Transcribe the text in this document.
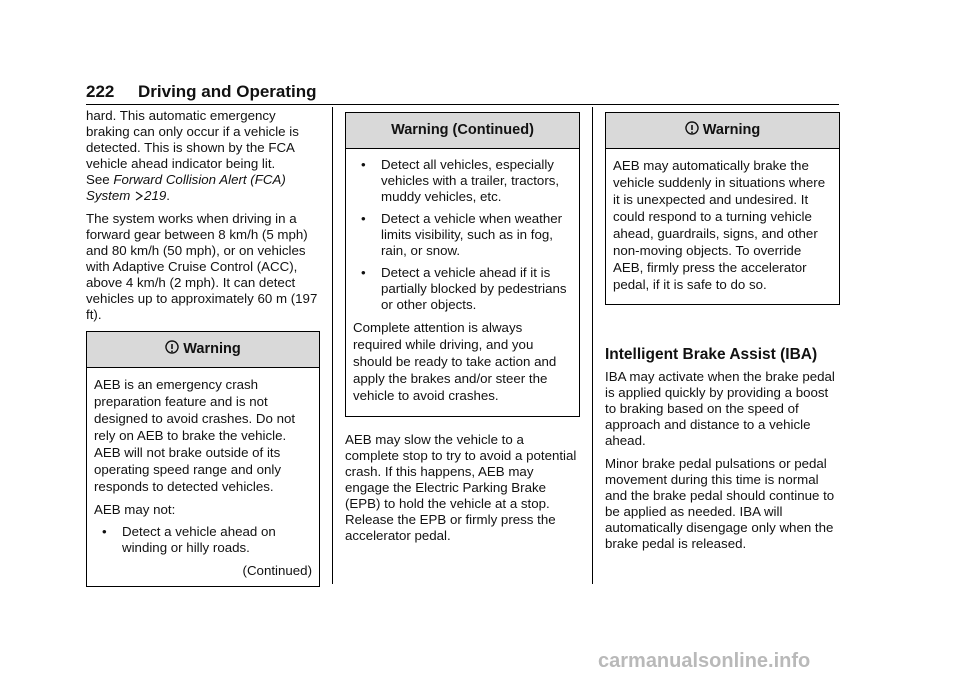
222 Driving and Operating

hard. This automatic emergency braking can only occur if a vehicle is detected. This is shown by the FCA vehicle ahead indicator being lit.
See Forward Collision Alert (FCA) System 219.

The system works when driving in a forward gear between 8 km/h (5 mph) and 80 km/h (50 mph), or on vehicles with Adaptive Cruise Control (ACC), above 4 km/h (2 mph). It can detect vehicles up to approximately 60 m (197 ft).

Warning

AEB is an emergency crash preparation feature and is not designed to avoid crashes. Do not rely on AEB to brake the vehicle. AEB will not brake outside of its operating speed range and only responds to detected vehicles.

AEB may not:

• Detect a vehicle ahead on winding or hilly roads.
(Continued)
Warning (Continued)
• Detect all vehicles, especially vehicles with a trailer, tractors, muddy vehicles, etc.
• Detect a vehicle when weather limits visibility, such as in fog, rain, or snow.
• Detect a vehicle ahead if it is partially blocked by pedestrians or other objects.

Complete attention is always required while driving, and you should be ready to take action and apply the brakes and/or steer the vehicle to avoid crashes.

AEB may slow the vehicle to a complete stop to try to avoid a potential crash. If this happens, AEB may engage the Electric Parking Brake (EPB) to hold the vehicle at a stop. Release the EPB or firmly press the accelerator pedal.

Warning

AEB may automatically brake the vehicle suddenly in situations where it is unexpected and undesired. It could respond to a turning vehicle ahead, guardrails, signs, and other non-moving objects. To override AEB, firmly press the accelerator pedal, if it is safe to do so.

Intelligent Brake Assist (IBA)

IBA may activate when the brake pedal is applied quickly by providing a boost to braking based on the speed of approach and distance to a vehicle ahead.

Minor brake pedal pulsations or pedal movement during this time is normal and the brake pedal should continue to be applied as needed. IBA will automatically disengage only when the brake pedal is released.

carmanualsonline.info
